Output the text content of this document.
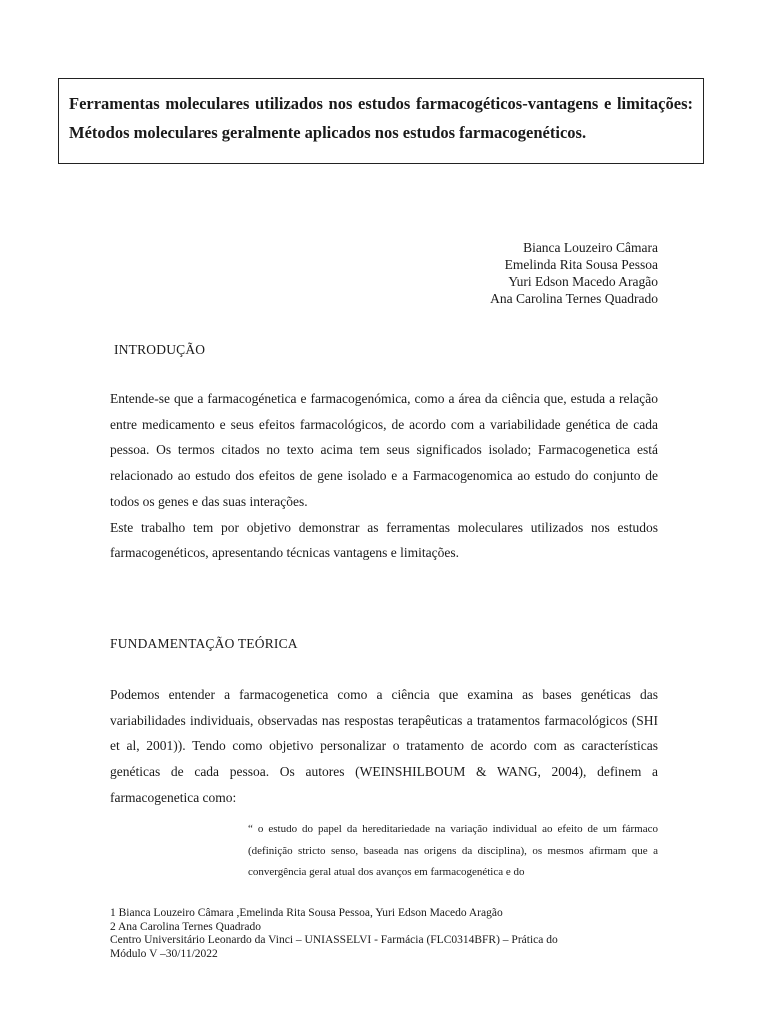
Ferramentas moleculares utilizados nos estudos farmacogéticos-vantagens e limitações: Métodos moleculares geralmente aplicados nos estudos farmacogenéticos.

Bianca Louzeiro Câmara
Emelinda Rita Sousa Pessoa
Yuri Edson Macedo Aragão
Ana Carolina Ternes Quadrado
INTRODUÇÃO
Entende-se que a farmacogénetica e farmacogenómica, como a área da ciência que, estuda a relação entre medicamento e seus efeitos farmacológicos, de acordo com a variabilidade genética de cada pessoa. Os termos citados no texto acima tem seus significados isolado; Farmacogenetica está relacionado ao estudo dos efeitos de gene isolado e a Farmacogenomica ao estudo do conjunto de todos os genes e das suas interações.
Este trabalho tem por objetivo demonstrar as ferramentas moleculares utilizados nos estudos farmacogenéticos, apresentando técnicas vantagens e limitações.
FUNDAMENTAÇÃO TEÓRICA

Podemos entender a farmacogenetica como a ciência que examina as bases genéticas das variabilidades individuais, observadas nas respostas terapêuticas a tratamentos farmacológicos (SHI et al, 2001)). Tendo como objetivo personalizar o tratamento de acordo com as características genéticas de cada pessoa. Os autores (WEINSHILBOUM & WANG, 2004), definem a farmacogenetica como:

“ o estudo do papel da hereditariedade na variação individual ao efeito de um fármaco (definição stricto senso, baseada nas origens da disciplina), os mesmos afirmam que a convergência geral atual dos avanços em farmacogenética e do

1 Bianca Louzeiro Câmara ,Emelinda Rita Sousa Pessoa, Yuri Edson Macedo Aragão
2 Ana Carolina Ternes Quadrado
Centro Universitário Leonardo da Vinci – UNIASSELVI - Farmácia (FLC0314BFR) – Prática do
Módulo V –30/11/2022
